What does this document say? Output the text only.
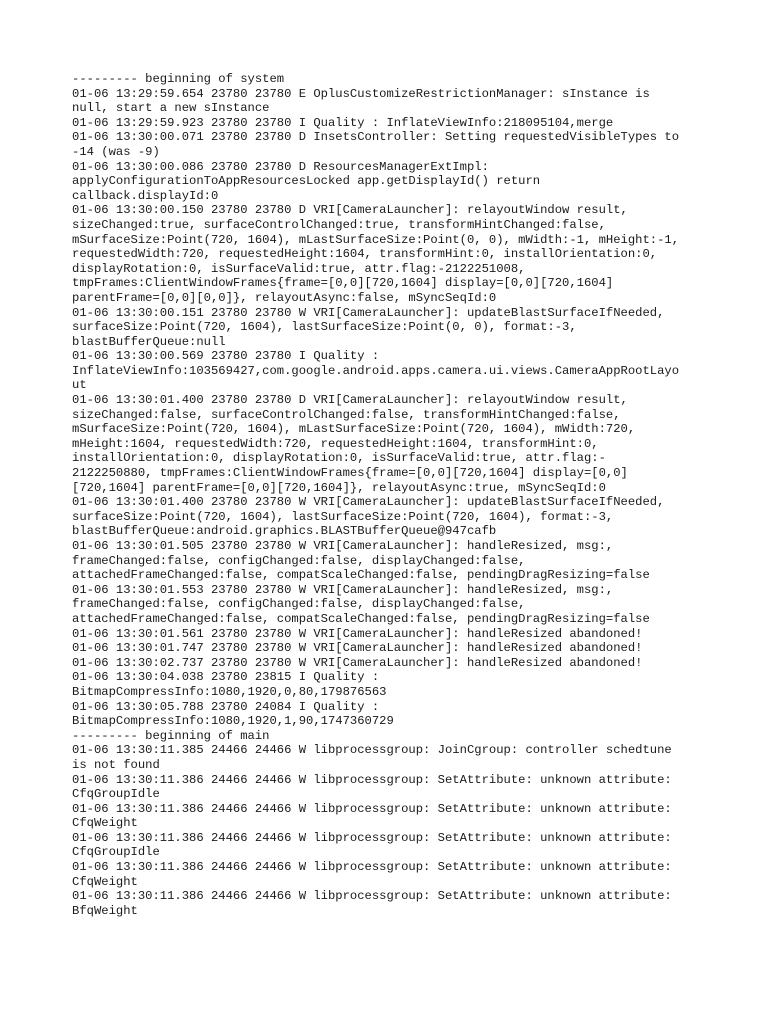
--------- beginning of system
01-06 13:29:59.654 23780 23780 E OplusCustomizeRestrictionManager: sInstance is
null, start a new sInstance
01-06 13:29:59.923 23780 23780 I Quality : InflateViewInfo:218095104,merge
01-06 13:30:00.071 23780 23780 D InsetsController: Setting requestedVisibleTypes to
-14 (was -9)
01-06 13:30:00.086 23780 23780 D ResourcesManagerExtImpl:
applyConfigurationToAppResourcesLocked app.getDisplayId() return
callback.displayId:0
01-06 13:30:00.150 23780 23780 D VRI[CameraLauncher]: relayoutWindow result,
sizeChanged:true, surfaceControlChanged:true, transformHintChanged:false,
mSurfaceSize:Point(720, 1604), mLastSurfaceSize:Point(0, 0), mWidth:-1, mHeight:-1,
requestedWidth:720, requestedHeight:1604, transformHint:0, installOrientation:0,
displayRotation:0, isSurfaceValid:true, attr.flag:-2122251008,
tmpFrames:ClientWindowFrames{frame=[0,0][720,1604] display=[0,0][720,1604]
parentFrame=[0,0][0,0]}, relayoutAsync:false, mSyncSeqId:0
01-06 13:30:00.151 23780 23780 W VRI[CameraLauncher]: updateBlastSurfaceIfNeeded,
surfaceSize:Point(720, 1604), lastSurfaceSize:Point(0, 0), format:-3,
blastBufferQueue:null
01-06 13:30:00.569 23780 23780 I Quality :
InflateViewInfo:103569427,com.google.android.apps.camera.ui.views.CameraAppRootLayo
ut
01-06 13:30:01.400 23780 23780 D VRI[CameraLauncher]: relayoutWindow result,
sizeChanged:false, surfaceControlChanged:false, transformHintChanged:false,
mSurfaceSize:Point(720, 1604), mLastSurfaceSize:Point(720, 1604), mWidth:720,
mHeight:1604, requestedWidth:720, requestedHeight:1604, transformHint:0,
installOrientation:0, displayRotation:0, isSurfaceValid:true, attr.flag:-
2122250880, tmpFrames:ClientWindowFrames{frame=[0,0][720,1604] display=[0,0]
[720,1604] parentFrame=[0,0][720,1604]}, relayoutAsync:true, mSyncSeqId:0
01-06 13:30:01.400 23780 23780 W VRI[CameraLauncher]: updateBlastSurfaceIfNeeded,
surfaceSize:Point(720, 1604), lastSurfaceSize:Point(720, 1604), format:-3,
blastBufferQueue:android.graphics.BLASTBufferQueue@947cafb
01-06 13:30:01.505 23780 23780 W VRI[CameraLauncher]: handleResized, msg:,
frameChanged:false, configChanged:false, displayChanged:false,
attachedFrameChanged:false, compatScaleChanged:false, pendingDragResizing=false
01-06 13:30:01.553 23780 23780 W VRI[CameraLauncher]: handleResized, msg:,
frameChanged:false, configChanged:false, displayChanged:false,
attachedFrameChanged:false, compatScaleChanged:false, pendingDragResizing=false
01-06 13:30:01.561 23780 23780 W VRI[CameraLauncher]: handleResized abandoned!
01-06 13:30:01.747 23780 23780 W VRI[CameraLauncher]: handleResized abandoned!
01-06 13:30:02.737 23780 23780 W VRI[CameraLauncher]: handleResized abandoned!
01-06 13:30:04.038 23780 23815 I Quality :
BitmapCompressInfo:1080,1920,0,80,179876563
01-06 13:30:05.788 23780 24084 I Quality :
BitmapCompressInfo:1080,1920,1,90,1747360729
--------- beginning of main
01-06 13:30:11.385 24466 24466 W libprocessgroup: JoinCgroup: controller schedtune
is not found
01-06 13:30:11.386 24466 24466 W libprocessgroup: SetAttribute: unknown attribute:
CfqGroupIdle
01-06 13:30:11.386 24466 24466 W libprocessgroup: SetAttribute: unknown attribute:
CfqWeight
01-06 13:30:11.386 24466 24466 W libprocessgroup: SetAttribute: unknown attribute:
CfqGroupIdle
01-06 13:30:11.386 24466 24466 W libprocessgroup: SetAttribute: unknown attribute:
CfqWeight
01-06 13:30:11.386 24466 24466 W libprocessgroup: SetAttribute: unknown attribute:
BfqWeight
